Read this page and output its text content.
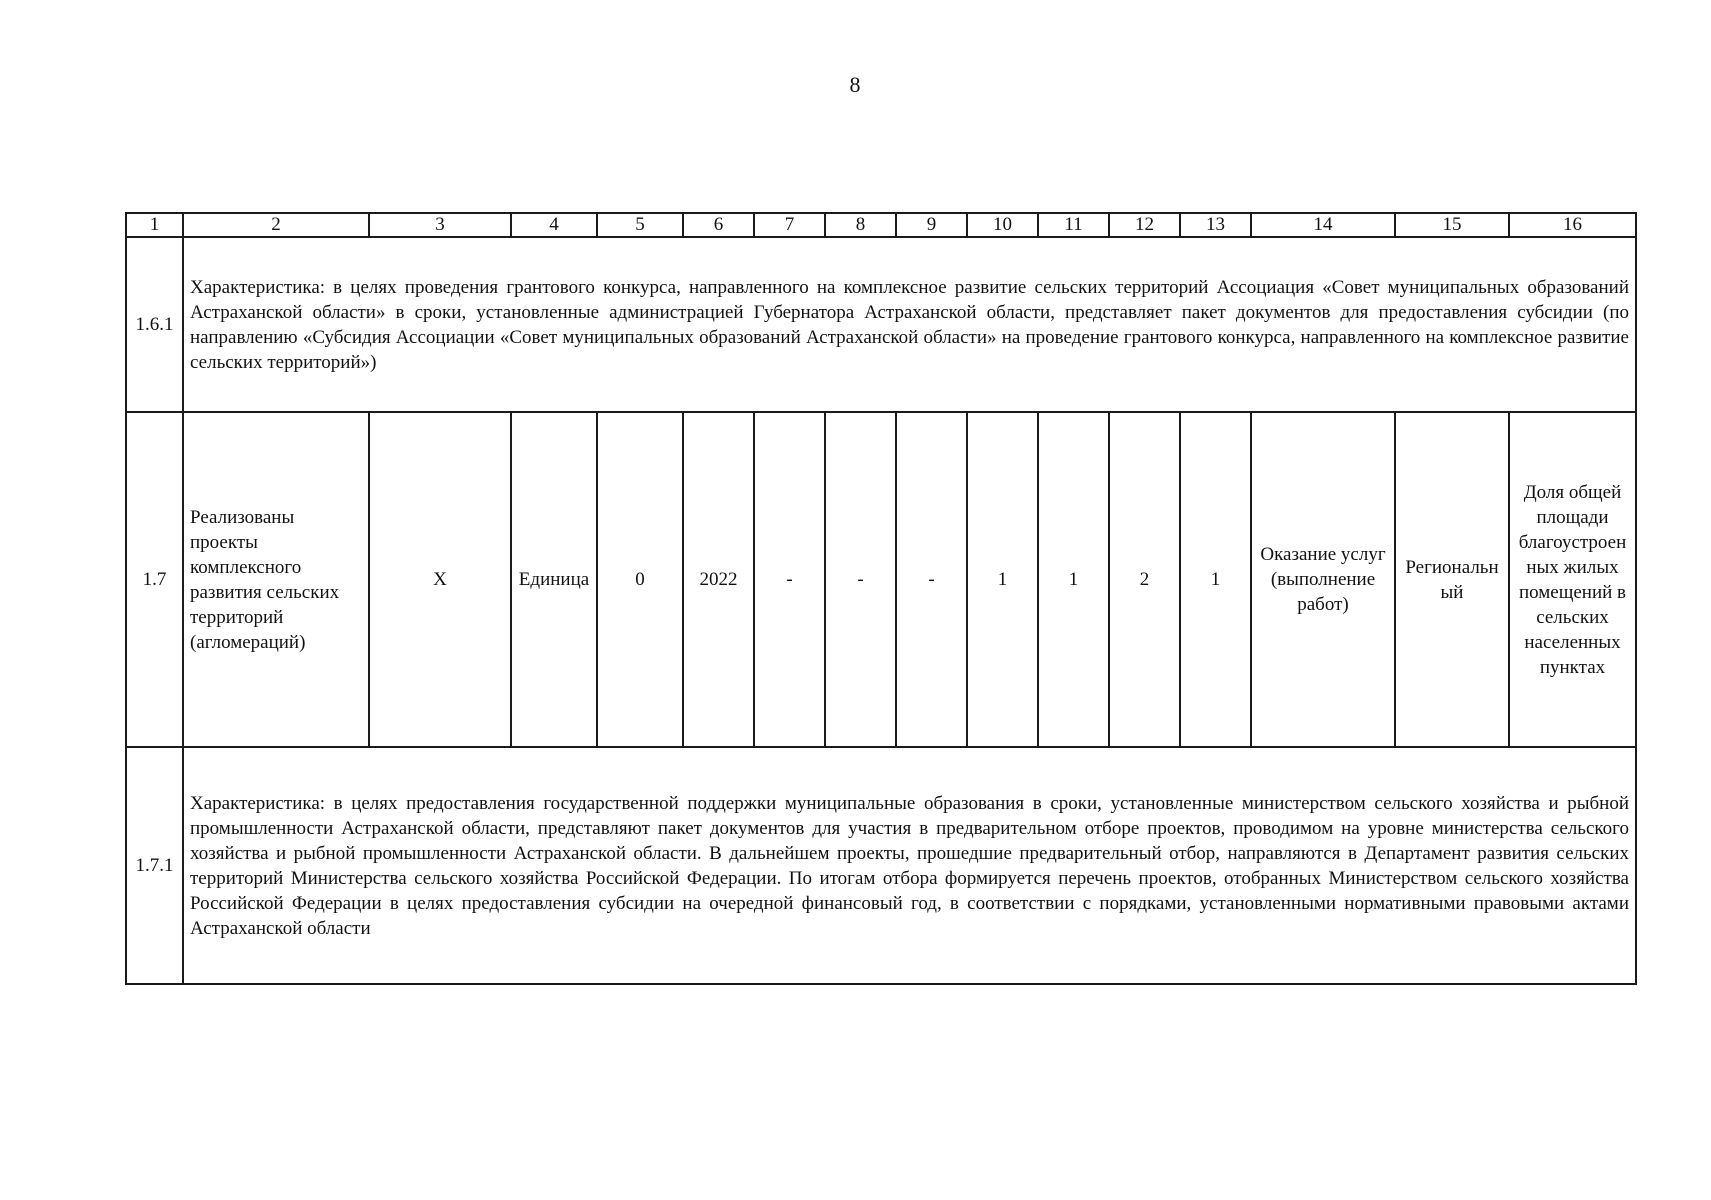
8
1	2	3	4	5	6	7	8	9	10	11	12	13	14	15	16
1.6.1	Характеристика: в целях проведения грантового конкурса, направленного на комплексное развитие сельских территорий Ассоциация «Совет муниципальных образований Астраханской области» в сроки, установленные администрацией Губернатора Астраханской области, представляет пакет документов для предоставления субсидии (по направлению «Субсидия Ассоциации «Совет муниципальных образований Астраханской области» на проведение грантового конкурса, направленного на комплексное развитие сельских территорий»)														
1.7	Реализованы проекты комплексного развития сельских территорий (агломераций)	X	Единица	0	2022	-	-	-	1	1	2	1	Оказание услуг (выполнение работ)	Региональный	Доля общей площади благоустроенных жилых помещений в сельских населенных пунктах
1.7.1	Характеристика: в целях предоставления государственной поддержки муниципальные образования в сроки, установленные министерством сельского хозяйства и рыбной промышленности Астраханской области, представляют пакет документов для участия в предварительном отборе проектов, проводимом на уровне министерства сельского хозяйства и рыбной промышленности Астраханской области. В дальнейшем проекты, прошедшие предварительный отбор, направляются в Департамент развития сельских территорий Министерства сельского хозяйства Российской Федерации. По итогам отбора формируется перечень проектов, отобранных Министерством сельского хозяйства Российской Федерации в целях предоставления субсидии на очередной финансовый год, в соответствии с порядками, установленными нормативными правовыми актами Астраханской области														
